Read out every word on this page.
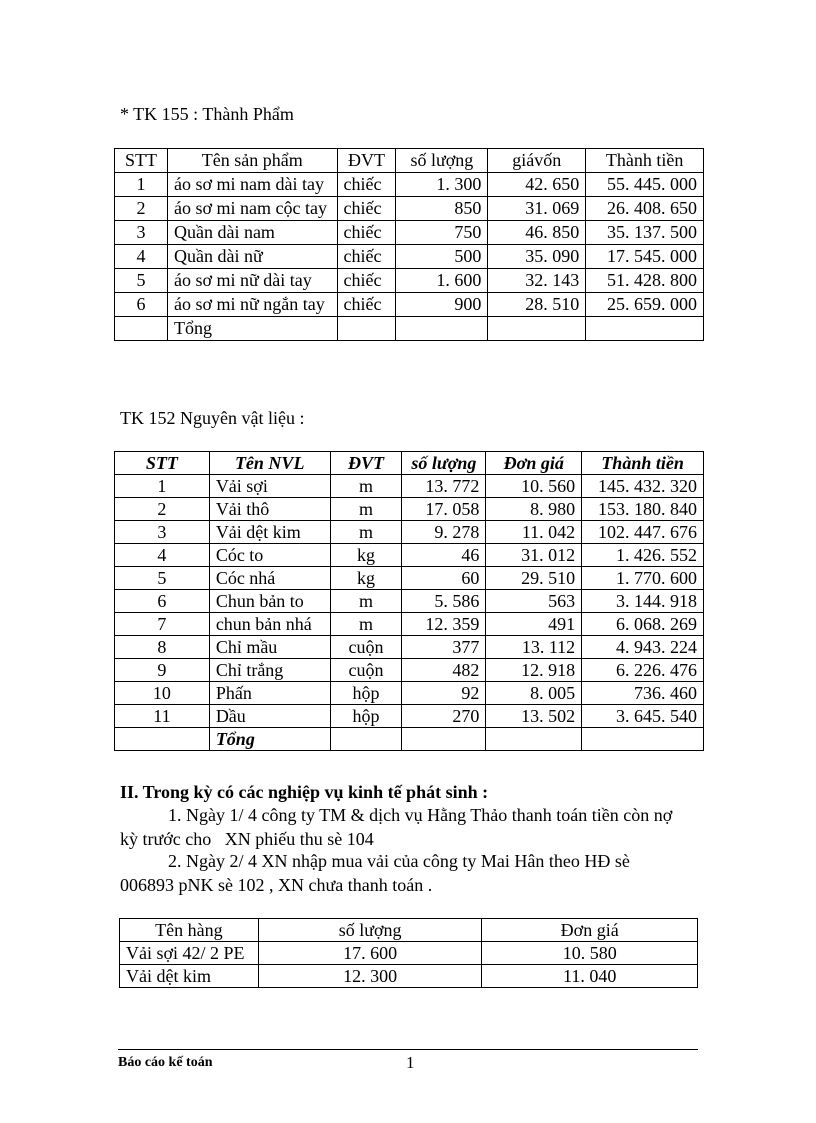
* TK 155 : Thành Phẩm
STT	Tên sản phẩm	ĐVT	số lượng	giávốn	Thành tiền
1	áo sơ mi nam dài tay	chiếc	1. 300	42. 650	55. 445. 000
2	áo sơ mi nam cộc tay	chiếc	850	31. 069	26. 408. 650
3	Quần dài nam	chiếc	750	46. 850	35. 137. 500
4	Quần dài nữ	chiếc	500	35. 090	17. 545. 000
5	áo sơ mi nữ dài tay	chiếc	1. 600	32. 143	51. 428. 800
6	áo sơ mi nữ ngắn tay	chiếc	900	28. 510	25. 659. 000
	Tổng				
TK 152 Nguyên vật liệu :
STT	Tên NVL	ĐVT	số lượng	Đơn giá	Thành tiền
1	Vải sợi	m	13. 772	10. 560	145. 432. 320
2	Vải thô	m	17. 058	8. 980	153. 180. 840
3	Vải dệt kim	m	9. 278	11. 042	102. 447. 676
4	Cóc to	kg	46	31. 012	1. 426. 552
5	Cóc nhá	kg	60	29. 510	1. 770. 600
6	Chun bản to	m	5. 586	563	3. 144. 918
7	chun bản nhá	m	12. 359	491	6. 068. 269
8	Chỉ mầu	cuộn	377	13. 112	4. 943. 224
9	Chỉ trắng	cuộn	482	12. 918	6. 226. 476
10	Phấn	hộp	92	8. 005	736. 460
11	Dầu	hộp	270	13. 502	3. 645. 540
	Tổng				
II. Trong kỳ có các nghiệp vụ kinh tế phát sinh :
1. Ngày 1/ 4 công ty TM & dịch vụ Hằng Thảo thanh toán tiền còn nợ
kỳ trước cho   XN phiếu thu sè 104
2. Ngày 2/ 4 XN nhập mua vải của công ty Mai Hân theo HĐ sè
006893 pNK sè 102 , XN chưa thanh toán .
Tên hàng	số lượng	Đơn giá
Vải sợi 42/ 2 PE	17. 600	10. 580
Vải dệt kim	12. 300	11. 040
Báo cáo kế toán	1
